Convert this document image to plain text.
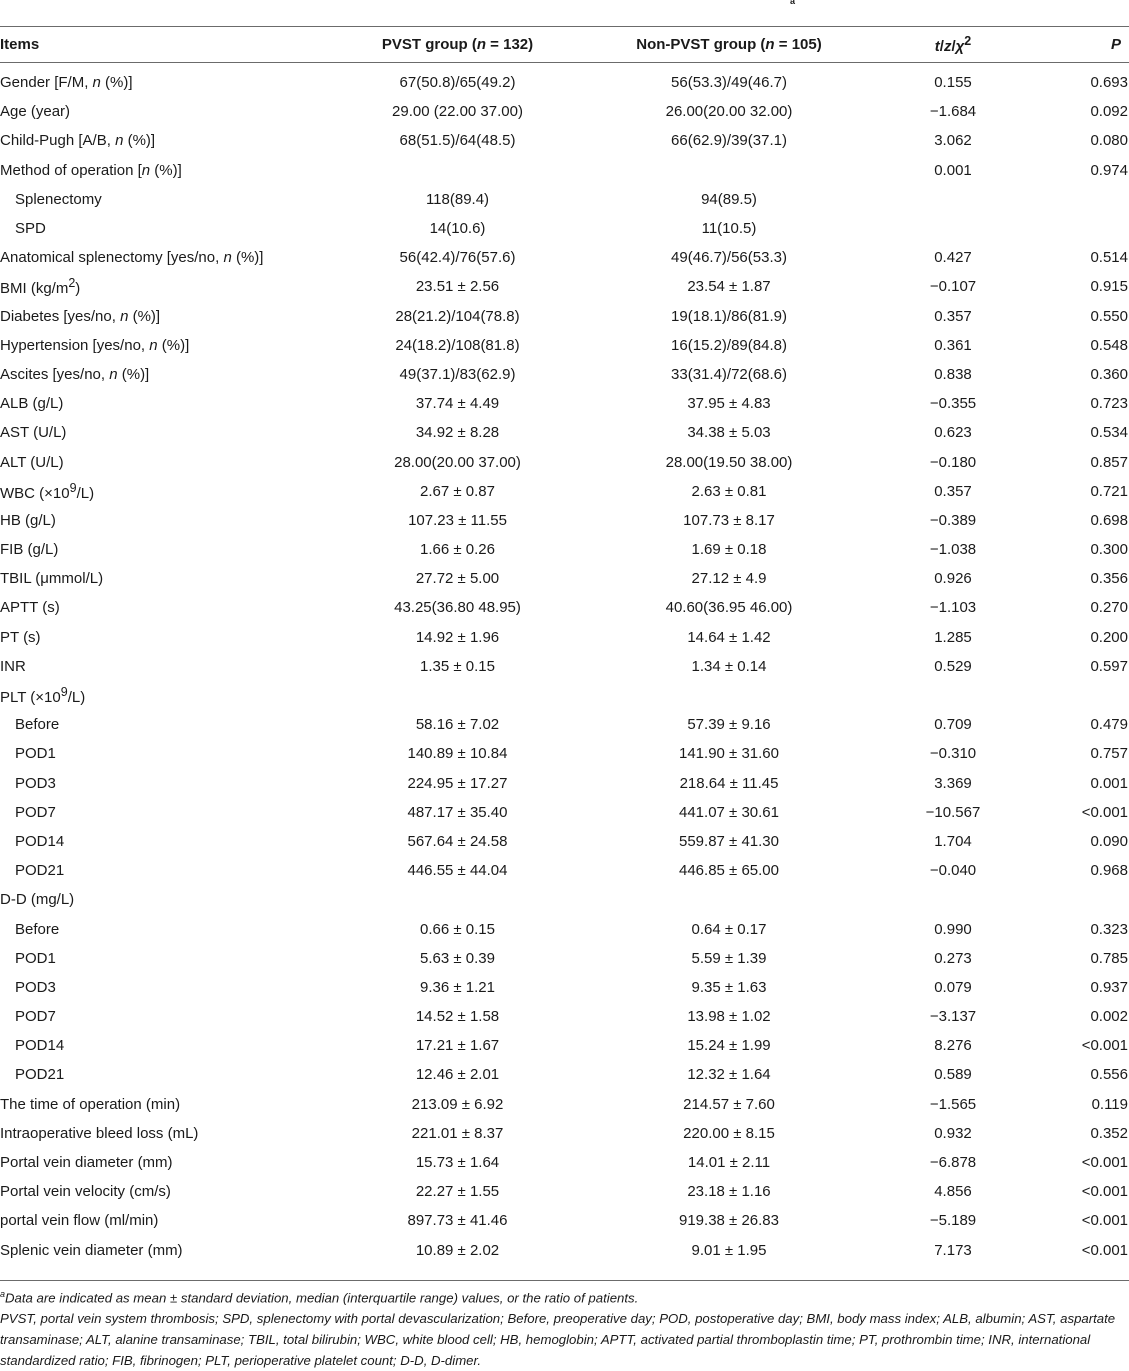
a
Items	PVST group (n = 132)	Non-PVST group (n = 105)	$t/z/\chi^2$	P
Gender [F/M, n (%)]	67(50.8)/65(49.2)	56(53.3)/49(46.7)	0.155	0.693
Age (year)	29.00 (22.00 37.00)	26.00(20.00 32.00)	−1.684	0.092
Child-Pugh [A/B, n (%)]	68(51.5)/64(48.5)	66(62.9)/39(37.1)	3.062	0.080
Method of operation [n (%)]			0.001	0.974
Splenectomy	118(89.4)	94(89.5)		
SPD	14(10.6)	11(10.5)		
Anatomical splenectomy [yes/no, n (%)]	56(42.4)/76(57.6)	49(46.7)/56(53.3)	0.427	0.514
BMI $(kg/m^2)$	23.51 ± 2.56	23.54 ± 1.87	−0.107	0.915
Diabetes [yes/no, n (%)]	28(21.2)/104(78.8)	19(18.1)/86(81.9)	0.357	0.550
Hypertension [yes/no, n (%)]	24(18.2)/108(81.8)	16(15.2)/89(84.8)	0.361	0.548
Ascites [yes/no, n (%)]	49(37.1)/83(62.9)	33(31.4)/72(68.6)	0.838	0.360
ALB (g/L)	37.74 ± 4.49	37.95 ± 4.83	−0.355	0.723
AST (U/L)	34.92 ± 8.28	34.38 ± 5.03	0.623	0.534
ALT (U/L)	28.00(20.00 37.00)	28.00(19.50 38.00)	−0.180	0.857
WBC $(\times 10^9/L)$	2.67 ± 0.87	2.63 ± 0.81	0.357	0.721
HB (g/L)	107.23 ± 11.55	107.73 ± 8.17	−0.389	0.698
FIB (g/L)	1.66 ± 0.26	1.69 ± 0.18	−1.038	0.300
TBIL (μmmol/L)	27.72 ± 5.00	27.12 ± 4.9	0.926	0.356
APTT (s)	43.25(36.80 48.95)	40.60(36.95 46.00)	−1.103	0.270
PT (s)	14.92 ± 1.96	14.64 ± 1.42	1.285	0.200
INR	1.35 ± 0.15	1.34 ± 0.14	0.529	0.597
PLT $(\times 10^9/L)$				
Before	58.16 ± 7.02	57.39 ± 9.16	0.709	0.479
POD1	140.89 ± 10.84	141.90 ± 31.60	−0.310	0.757
POD3	224.95 ± 17.27	218.64 ± 11.45	3.369	0.001
POD7	487.17 ± 35.40	441.07 ± 30.61	−10.567	<0.001
POD14	567.64 ± 24.58	559.87 ± 41.30	1.704	0.090
POD21	446.55 ± 44.04	446.85 ± 65.00	−0.040	0.968
D-D (mg/L)				
Before	0.66 ± 0.15	0.64 ± 0.17	0.990	0.323
POD1	5.63 ± 0.39	5.59 ± 1.39	0.273	0.785
POD3	9.36 ± 1.21	9.35 ± 1.63	0.079	0.937
POD7	14.52 ± 1.58	13.98 ± 1.02	−3.137	0.002
POD14	17.21 ± 1.67	15.24 ± 1.99	8.276	<0.001
POD21	12.46 ± 2.01	12.32 ± 1.64	0.589	0.556
The time of operation (min)	213.09 ± 6.92	214.57 ± 7.60	−1.565	0.119
Intraoperative bleed loss (mL)	221.01 ± 8.37	220.00 ± 8.15	0.932	0.352
Portal vein diameter (mm)	15.73 ± 1.64	14.01 ± 2.11	−6.878	<0.001
Portal vein velocity (cm/s)	22.27 ± 1.55	23.18 ± 1.16	4.856	<0.001
portal vein flow (ml/min)	897.73 ± 41.46	919.38 ± 26.83	−5.189	<0.001
Splenic vein diameter (mm)	10.89 ± 2.02	9.01 ± 1.95	7.173	<0.001

$^a$Data are indicated as mean ± standard deviation, median (interquartile range) values, or the ratio of patients.

PVST, portal vein system thrombosis; SPD, splenectomy with portal devascularization; Before, preoperative day; POD, postoperative day; BMI, body mass index; ALB, albumin; AST, aspartate transaminase; ALT, alanine transaminase; TBIL, total bilirubin; WBC, white blood cell; HB, hemoglobin; APTT, activated partial thromboplastin time; PT, prothrombin time; INR, international standardized ratio; FIB, fibrinogen; PLT, perioperative platelet count; D-D, D-dimer.
